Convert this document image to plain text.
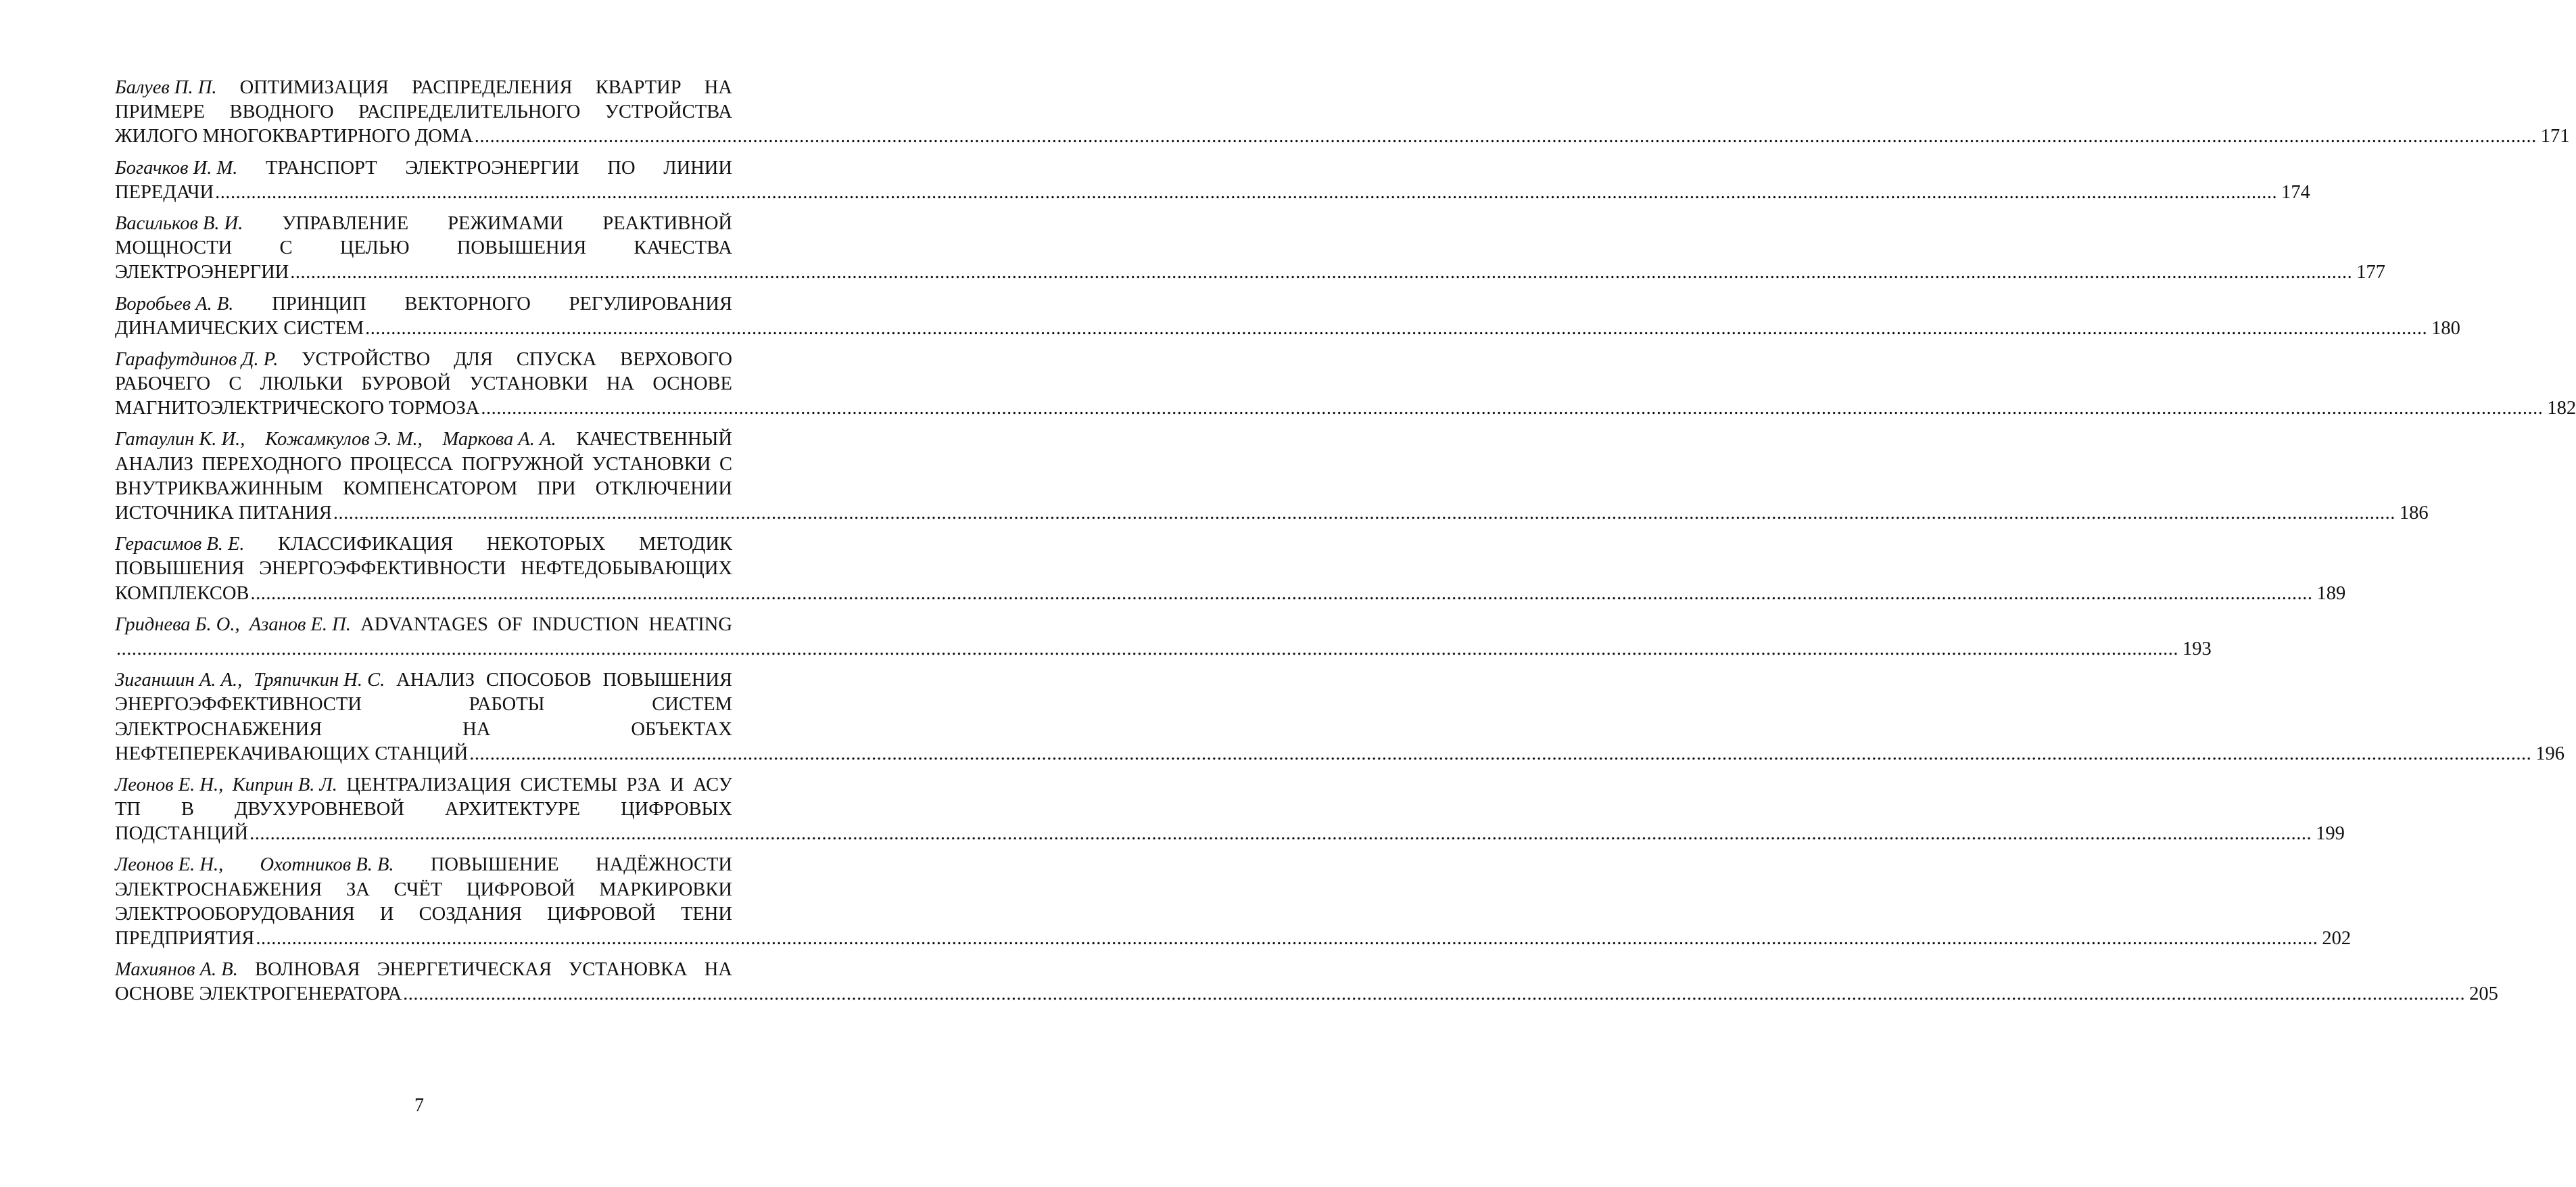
Балуев П. П. ОПТИМИЗАЦИЯ РАСПРЕДЕЛЕНИЯ КВАРТИР НА
ПРИМЕРЕ ВВОДНОГО РАСПРЕДЕЛИТЕЛЬНОГО УСТРОЙСТВА
ЖИЛОГО МНОГОКВАРТИРНОГО ДОМА ................................................................................................................................................................................................................................................................................................................................................................................................................ 171
Богачков И. М. ТРАНСПОРТ ЭЛЕКТРОЭНЕРГИИ ПО ЛИНИИ
ПЕРЕДАЧИ ................................................................................................................................................................................................................................................................................................................................................................................................................ 174
Васильков В. И. УПРАВЛЕНИЕ РЕЖИМАМИ РЕАКТИВНОЙ
МОЩНОСТИ С ЦЕЛЬЮ ПОВЫШЕНИЯ КАЧЕСТВА
ЭЛЕКТРОЭНЕРГИИ ................................................................................................................................................................................................................................................................................................................................................................................................................ 177
Воробьев А. В. ПРИНЦИП ВЕКТОРНОГО РЕГУЛИРОВАНИЯ
ДИНАМИЧЕСКИХ СИСТЕМ ................................................................................................................................................................................................................................................................................................................................................................................................................ 180
Гарафутдинов Д. Р. УСТРОЙСТВО ДЛЯ СПУСКА ВЕРХОВОГО
РАБОЧЕГО С ЛЮЛЬКИ БУРОВОЙ УСТАНОВКИ НА ОСНОВЕ
МАГНИТОЭЛЕКТРИЧЕСКОГО ТОРМОЗА ................................................................................................................................................................................................................................................................................................................................................................................................................ 182
Гатаулин К. И., Кожамкулов Э. М., Маркова А. А. КАЧЕСТВЕННЫЙ
АНАЛИЗ ПЕРЕХОДНОГО ПРОЦЕССА ПОГРУЖНОЙ УСТАНОВКИ С
ВНУТРИКВАЖИННЫМ КОМПЕНСАТОРОМ ПРИ ОТКЛЮЧЕНИИ
ИСТОЧНИКА ПИТАНИЯ ................................................................................................................................................................................................................................................................................................................................................................................................................ 186
Герасимов В. Е. КЛАССИФИКАЦИЯ НЕКОТОРЫХ МЕТОДИК
ПОВЫШЕНИЯ ЭНЕРГОЭФФЕКТИВНОСТИ НЕФТЕДОБЫВАЮЩИХ
КОМПЛЕКСОВ ................................................................................................................................................................................................................................................................................................................................................................................................................ 189
Гриднева Б. О., Азанов Е. П. ADVANTAGES OF INDUCTION HEATING
................................................................................................................................................................................................................................................................................................................................................................................................................ 193
Зиганшин А. А., Тряпичкин Н. С. АНАЛИЗ СПОСОБОВ ПОВЫШЕНИЯ
ЭНЕРГОЭФФЕКТИВНОСТИ	РАБОТЫ	СИСТЕМ
ЭЛЕКТРОСНАБЖЕНИЯ	НА	ОБЪЕКТАХ
НЕФТЕПЕРЕКАЧИВАЮЩИХ СТАНЦИЙ ................................................................................................................................................................................................................................................................................................................................................................................................................ 196
Леонов Е. Н., Киприн В. Л. ЦЕНТРАЛИЗАЦИЯ СИСТЕМЫ РЗА И АСУ
ТП В ДВУХУРОВНЕВОЙ АРХИТЕКТУРЕ ЦИФРОВЫХ
ПОДСТАНЦИЙ ................................................................................................................................................................................................................................................................................................................................................................................................................ 199
Леонов Е. Н., Охотников В. В. ПОВЫШЕНИЕ НАДЁЖНОСТИ
ЭЛЕКТРОСНАБЖЕНИЯ ЗА СЧЁТ ЦИФРОВОЙ МАРКИРОВКИ
ЭЛЕКТРООБОРУДОВАНИЯ И СОЗДАНИЯ ЦИФРОВОЙ ТЕНИ
ПРЕДПРИЯТИЯ ................................................................................................................................................................................................................................................................................................................................................................................................................ 202
Махиянов А. В. ВОЛНОВАЯ ЭНЕРГЕТИЧЕСКАЯ УСТАНОВКА НА
ОСНОВЕ ЭЛЕКТРОГЕНЕРАТОРА ................................................................................................................................................................................................................................................................................................................................................................................................................ 205
7
